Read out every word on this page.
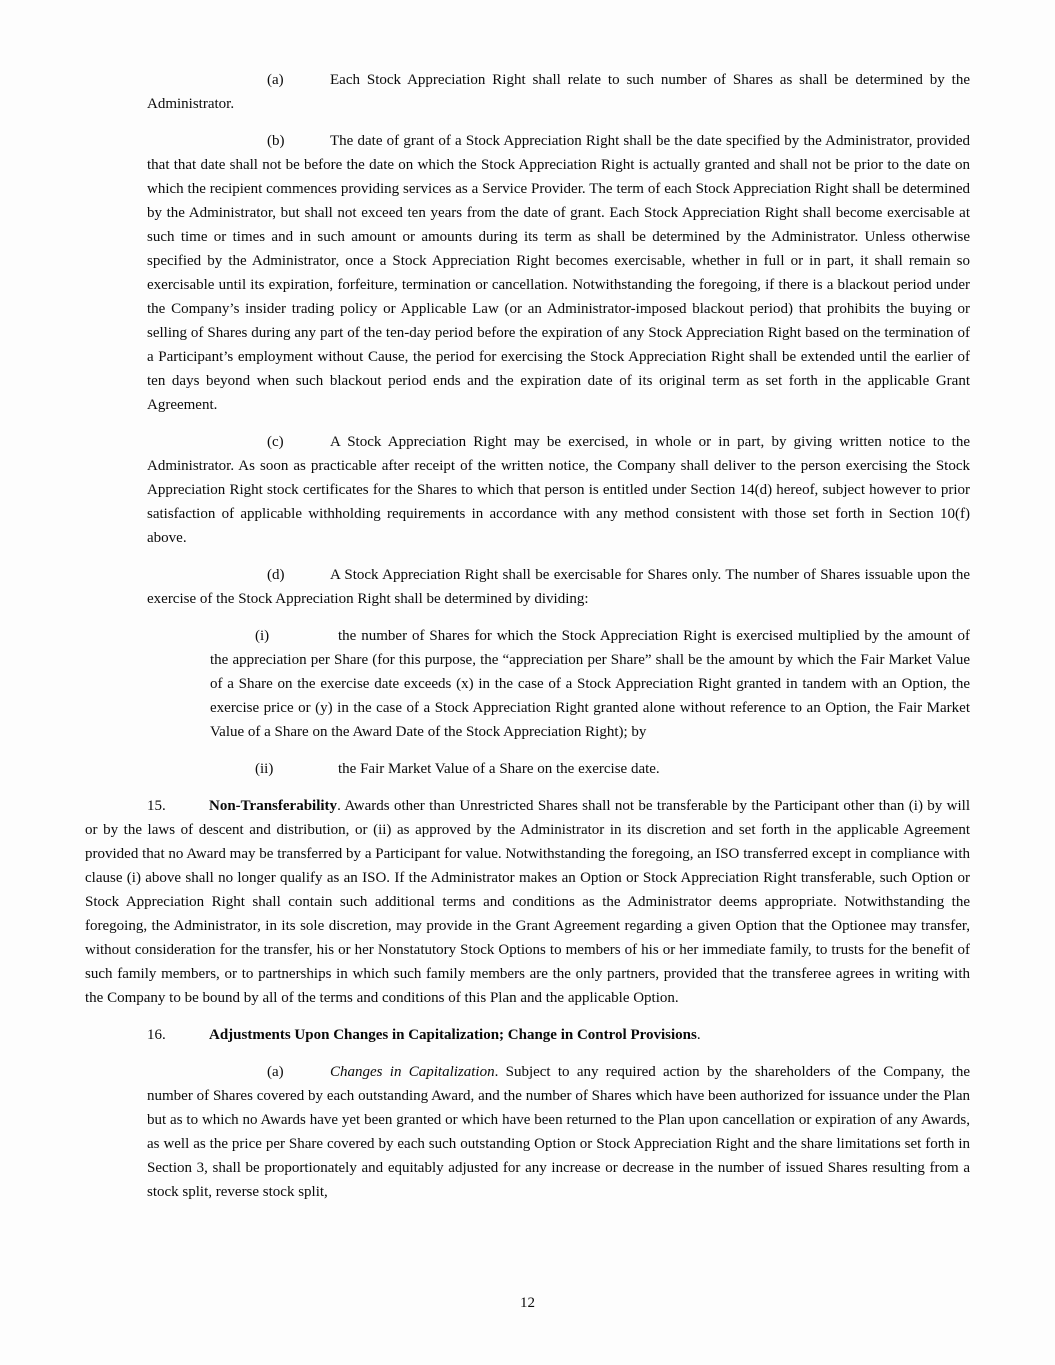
(a)	Each Stock Appreciation Right shall relate to such number of Shares as shall be determined by the Administrator.

(b)	The date of grant of a Stock Appreciation Right shall be the date specified by the Administrator, provided that that date shall not be before the date on which the Stock Appreciation Right is actually granted and shall not be prior to the date on which the recipient commences providing services as a Service Provider. The term of each Stock Appreciation Right shall be determined by the Administrator, but shall not exceed ten years from the date of grant. Each Stock Appreciation Right shall become exercisable at such time or times and in such amount or amounts during its term as shall be determined by the Administrator. Unless otherwise specified by the Administrator, once a Stock Appreciation Right becomes exercisable, whether in full or in part, it shall remain so exercisable until its expiration, forfeiture, termination or cancellation. Notwithstanding the foregoing, if there is a blackout period under the Company’s insider trading policy or Applicable Law (or an Administrator-imposed blackout period) that prohibits the buying or selling of Shares during any part of the ten-day period before the expiration of any Stock Appreciation Right based on the termination of a Participant’s employment without Cause, the period for exercising the Stock Appreciation Right shall be extended until the earlier of ten days beyond when such blackout period ends and the expiration date of its original term as set forth in the applicable Grant Agreement.

(c)	A Stock Appreciation Right may be exercised, in whole or in part, by giving written notice to the Administrator. As soon as practicable after receipt of the written notice, the Company shall deliver to the person exercising the Stock Appreciation Right stock certificates for the Shares to which that person is entitled under Section 14(d) hereof, subject however to prior satisfaction of applicable withholding requirements in accordance with any method consistent with those set forth in Section 10(f) above.

(d)	A Stock Appreciation Right shall be exercisable for Shares only. The number of Shares issuable upon the exercise of the Stock Appreciation Right shall be determined by dividing:

(i)	the number of Shares for which the Stock Appreciation Right is exercised multiplied by the amount of the appreciation per Share (for this purpose, the “appreciation per Share” shall be the amount by which the Fair Market Value of a Share on the exercise date exceeds (x) in the case of a Stock Appreciation Right granted in tandem with an Option, the exercise price or (y) in the case of a Stock Appreciation Right granted alone without reference to an Option, the Fair Market Value of a Share on the Award Date of the Stock Appreciation Right); by

(ii)	the Fair Market Value of a Share on the exercise date.

15.	Non-Transferability. Awards other than Unrestricted Shares shall not be transferable by the Participant other than (i) by will or by the laws of descent and distribution, or (ii) as approved by the Administrator in its discretion and set forth in the applicable Agreement provided that no Award may be transferred by a Participant for value. Notwithstanding the foregoing, an ISO transferred except in compliance with clause (i) above shall no longer qualify as an ISO. If the Administrator makes an Option or Stock Appreciation Right transferable, such Option or Stock Appreciation Right shall contain such additional terms and conditions as the Administrator deems appropriate. Notwithstanding the foregoing, the Administrator, in its sole discretion, may provide in the Grant Agreement regarding a given Option that the Optionee may transfer, without consideration for the transfer, his or her Nonstatutory Stock Options to members of his or her immediate family, to trusts for the benefit of such family members, or to partnerships in which such family members are the only partners, provided that the transferee agrees in writing with the Company to be bound by all of the terms and conditions of this Plan and the applicable Option.

16.	Adjustments Upon Changes in Capitalization; Change in Control Provisions.

(a)	Changes in Capitalization. Subject to any required action by the shareholders of the Company, the number of Shares covered by each outstanding Award, and the number of Shares which have been authorized for issuance under the Plan but as to which no Awards have yet been granted or which have been returned to the Plan upon cancellation or expiration of any Awards, as well as the price per Share covered by each such outstanding Option or Stock Appreciation Right and the share limitations set forth in Section 3, shall be proportionately and equitably adjusted for any increase or decrease in the number of issued Shares resulting from a stock split, reverse stock split,

12
